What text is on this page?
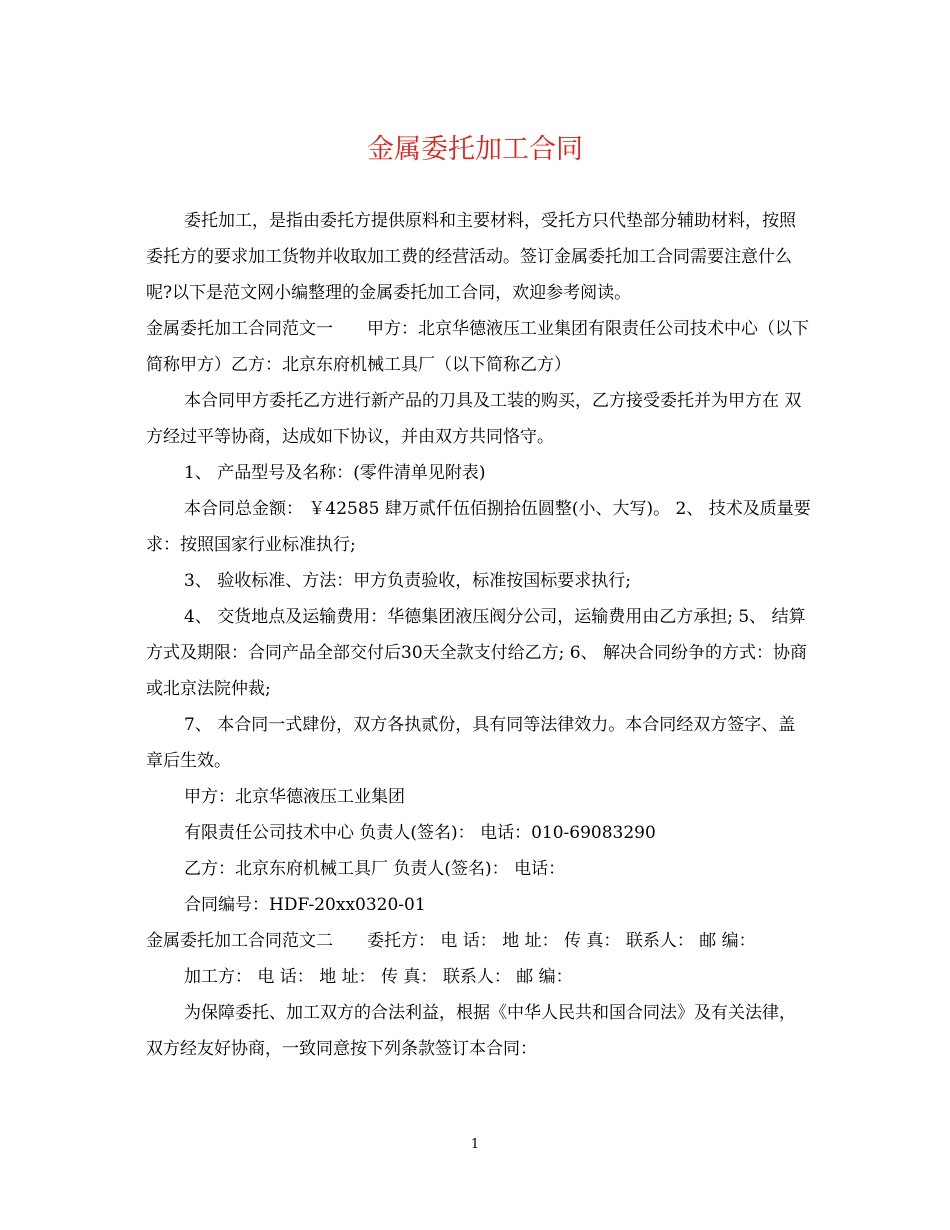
金属委托加工合同

委托加工，是指由委托方提供原料和主要材料，受托方只代垫部分辅助材料，按照委托方的要求加工货物并收取加工费的经营活动。签订金属委托加工合同需要注意什么呢?以下是范文网小编整理的金属委托加工合同，欢迎参考阅读。

金属委托加工合同范文一　　甲方：北京华德液压工业集团有限责任公司技术中心（以下简称甲方）乙方：北京东府机械工具厂（以下简称乙方）

本合同甲方委托乙方进行新产品的刀具及工装的购买，乙方接受委托并为甲方在 双方经过平等协商，达成如下协议，并由双方共同恪守。

1、 产品型号及名称：(零件清单见附表)

本合同总金额： ￥42585 肆万贰仟伍佰捌拾伍圆整(小、大写)。 2、 技术及质量要求：按照国家行业标准执行;

3、 验收标准、方法：甲方负责验收，标准按国标要求执行;

4、 交货地点及运输费用：华德集团液压阀分公司，运输费用由乙方承担; 5、 结算方式及期限：合同产品全部交付后30天全款支付给乙方; 6、 解决合同纷争的方式：协商或北京法院仲裁;

7、 本合同一式肆份，双方各执贰份，具有同等法律效力。本合同经双方签字、盖章后生效。

甲方：北京华德液压工业集团

有限责任公司技术中心 负责人(签名)： 电话：010-69083290

乙方：北京东府机械工具厂 负责人(签名)： 电话：

合同编号：HDF-20xx0320-01

金属委托加工合同范文二　　委托方： 电 话： 地 址： 传 真： 联系人： 邮 编：

加工方： 电 话： 地 址： 传 真： 联系人： 邮 编：

为保障委托、加工双方的合法利益，根据《中华人民共和国合同法》及有关法律，双方经友好协商，一致同意按下列条款签订本合同：

1
